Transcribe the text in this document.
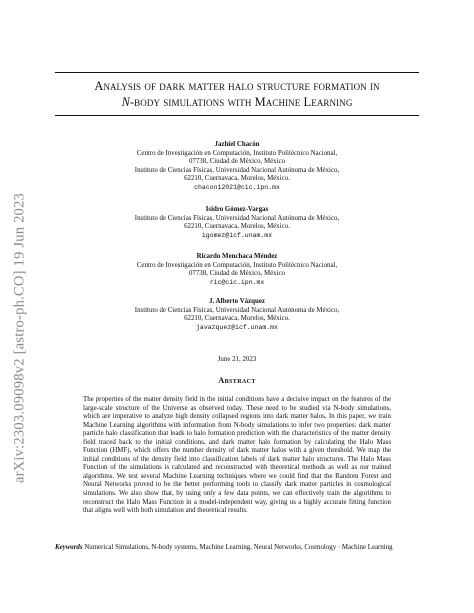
arXiv:2303.09098v2 [astro-ph.CO] 19 Jun 2023
Analysis of dark matter halo structure formation in
N-body simulations with Machine Learning
Jazhiel Chacón
Centro de Investigación en Computación, Instituto Politécnico Nacional,
07738, Ciudad de México, México
Instituto de Ciencias Físicas, Universidad Nacional Autónoma de México,
62210, Cuernavaca, Morelos, México.
chacon12021@cic.ipn.mx
Isidro Gómez-Vargas
Instituto de Ciencias Físicas, Universidad Nacional Autónoma de México,
62210, Cuernavaca, Morelos, México.
igomez@icf.unam.mx
Ricardo Menchaca Méndez
Centro de Investigación en Computación, Instituto Politécnico Nacional,
07738, Ciudad de México, México
ric@cic.ipn.mx
J. Alberto Vázquez
Instituto de Ciencias Físicas, Universidad Nacional Autónoma de México,
62210, Cuernavaca, Morelos, México.
javazquez@icf.unam.mx
June 21, 2023
Abstract
The properties of the matter density field in the initial conditions have a decisive impact on the features of the large-scale structure of the Universe as observed today. These need to be studied via N-body simulations, which are imperative to analyze high density collapsed regions into dark matter halos. In this paper, we train Machine Learning algorithms with information from N-body simulations to infer two properties: dark matter particle halo classification that leads to halo formation prediction with the characteristics of the matter density field traced back to the initial conditions, and dark matter halo formation by calculating the Halo Mass Function (HMF), which offers the number density of dark matter halos with a given threshold. We map the initial conditions of the density field into classification labels of dark matter halo structures. The Halo Mass Function of the simulations is calculated and reconstructed with theoretical methods as well as our trained algorithms. We test several Machine Learning techniques where we could find that the Random Forest and Neural Networks proved to be the better performing tools to classify dark matter particles in cosmological simulations. We also show that, by using only a few data points, we can effectively train the algorithms to reconstruct the Halo Mass Function in a model-independent way, giving us a highly accurate fitting function that aligns well with both simulation and theoretical results.
Keywords Numerical Simulations, N-body systems, Machine Learning, Neural Networks, Cosmology · Machine Learning
